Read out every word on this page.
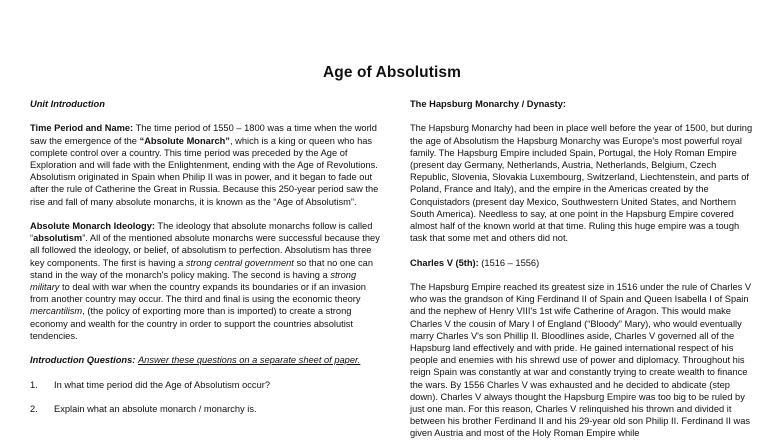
Age of Absolutism

Unit Introduction

Time Period and Name: The time period of 1550 – 1800 was a time when the world saw the emergence of the “Absolute Monarch”, which is a king or queen who has complete control over a country. This time period was preceded by the Age of Exploration and will fade with the Enlightenment, ending with the Age of Revolutions. Absolutism originated in Spain when Philip II was in power, and it began to fade out after the rule of Catherine the Great in Russia. Because this 250-year period saw the rise and fall of many absolute monarchs, it is known as the “Age of Absolutism”.

Absolute Monarch Ideology: The ideology that absolute monarchs follow is called “absolutism”. All of the mentioned absolute monarchs were successful because they all followed the ideology, or belief, of absolutism to perfection. Absolutism has three key components. The first is having a strong central government so that no one can stand in the way of the monarch's policy making. The second is having a strong military to deal with war when the country expands its boundaries or if an invasion from another country may occur. The third and final is using the economic theory mercantilism, (the policy of exporting more than is imported) to create a strong economy and wealth for the country in order to support the countries absolutist tendencies.

Introduction Questions: Answer these questions on a separate sheet of paper.

1. In what time period did the Age of Absolutism occur?

2. Explain what an absolute monarch / monarchy is.

The Hapsburg Monarchy / Dynasty:

The Hapsburg Monarchy had been in place well before the year of 1500, but during the age of Absolutism the Hapsburg Monarchy was Europe's most powerful royal family. The Hapsburg Empire included Spain, Portugal, the Holy Roman Empire (present day Germany, Netherlands, Austria, Netherlands, Belgium, Czech Republic, Slovenia, Slovakia Luxembourg, Switzerland, Liechtenstein, and parts of Poland, France and Italy), and the empire in the Americas created by the Conquistadors (present day Mexico, Southwestern United States, and Northern South America). Needless to say, at one point in the Hapsburg Empire covered almost half of the known world at that time. Ruling this huge empire was a tough task that some met and others did not.

Charles V (5th): (1516 – 1556)

The Hapsburg Empire reached its greatest size in 1516 under the rule of Charles V who was the grandson of King Ferdinand II of Spain and Queen Isabella I of Spain and the nephew of Henry VIII's 1st wife Catherine of Aragon. This would make Charles V the cousin of Mary I of England (“Bloody” Mary), who would eventually marry Charles V's son Phillip II. Bloodlines aside, Charles V governed all of the Hapsburg land effectively and with pride. He gained international respect of his people and enemies with his shrewd use of power and diplomacy. Throughout his reign Spain was constantly at war and constantly trying to create wealth to finance the wars. By 1556 Charles V was exhausted and he decided to abdicate (step down). Charles V always thought the Hapsburg Empire was too big to be ruled by just one man. For this reason, Charles V relinquished his thrown and divided it between his brother Ferdinand II and his 29-year old son Philip II. Ferdinand II was given Austria and most of the Holy Roman Empire while
